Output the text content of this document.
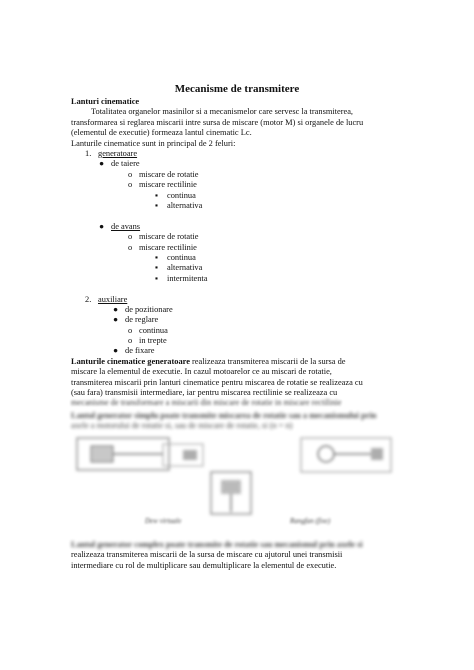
Mecanisme de transmitere
Lanturi cinematice
Totalitatea organelor masinilor si a mecanismelor care servesc la transmiterea,
transformarea si reglarea miscarii intre sursa de miscare (motor M) si organele de lucru
(elementul de executie) formeaza lantul cinematic Lc.
Lanturile cinematice sunt in principal de 2 feluri:
1. generatoare
● de taiere
o miscare de rotatie
o miscare rectilinie
▪ continua
▪ alternativa
● de avans
o miscare de rotatie
o miscare rectilinie
▪ continua
▪ alternativa
▪ intermitenta
2. auxiliare
● de pozitionare
● de reglare
o continua
o in trepte
● de fixare
Lanturile cinematice generatoare realizeaza transmiterea miscarii de la sursa de
miscare la elementul de executie. In cazul motoarelor ce au miscari de rotatie,
transmiterea miscarii prin lanturi cinematice pentru miscarea de rotatie se realizeaza cu
(sau fara) transmisii intermediare, iar pentru miscarea rectilinie se realizeaza cu
mecanisme de transformare a miscarii din miscare de rotatie in miscare rectilinie
Lantul generator simplu poate transmite miscarea de rotatie sau a mecanismului prin
axele a motorului de rotatie si, sau de miscare de rotatie, si (n = n)
Dew virtuale	Rangfan (fixe)
Lantul generator complex poate transmite de rotatie sau mecanismul prin axele si
realizeaza transmiterea miscarii de la sursa de miscare cu ajutorul unei transmisii
intermediare cu rol de multiplicare sau demultiplicare la elementul de executie.
